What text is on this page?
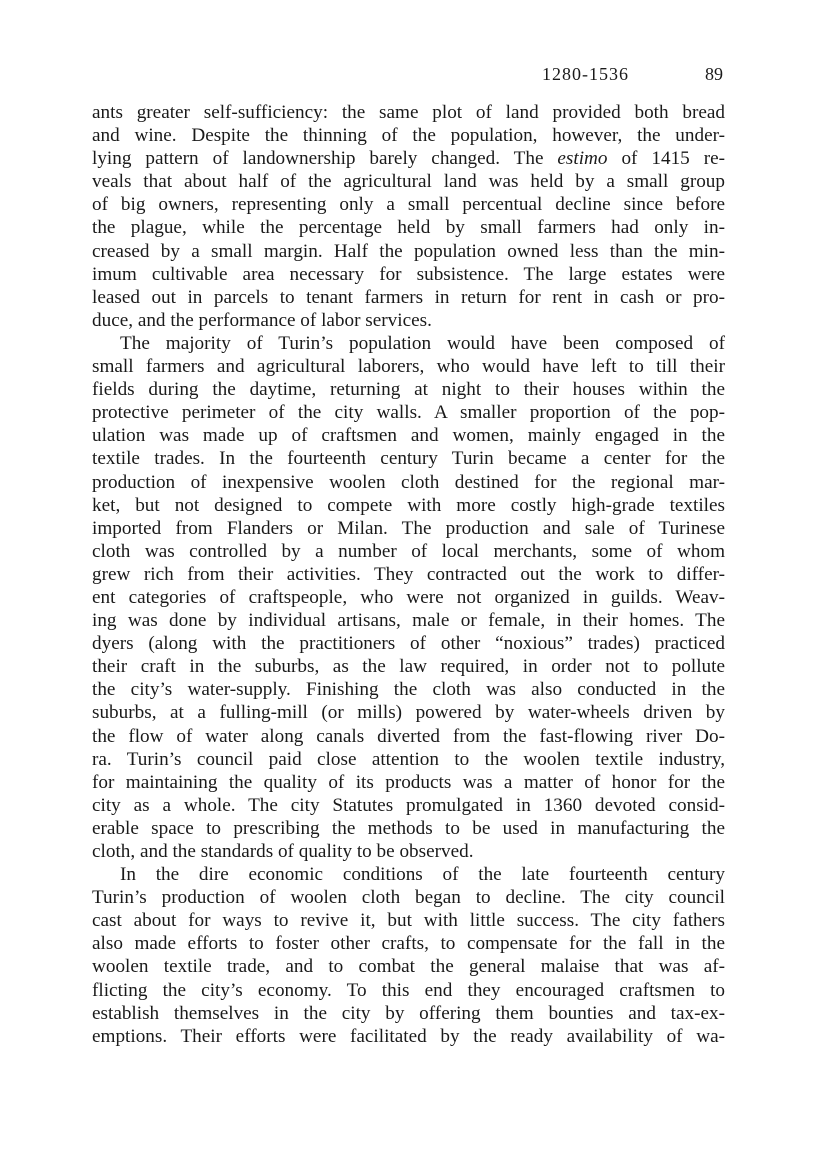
1280-1536	89
ants greater self-sufficiency: the same plot of land provided both bread
and wine. Despite the thinning of the population, however, the under-
lying pattern of landownership barely changed. The estimo of 1415 re-
veals that about half of the agricultural land was held by a small group
of big owners, representing only a small percentual decline since before
the plague, while the percentage held by small farmers had only in-
creased by a small margin. Half the population owned less than the min-
imum cultivable area necessary for subsistence. The large estates were
leased out in parcels to tenant farmers in return for rent in cash or pro-
duce, and the performance of labor services.
The majority of Turin’s population would have been composed of
small farmers and agricultural laborers, who would have left to till their
fields during the daytime, returning at night to their houses within the
protective perimeter of the city walls. A smaller proportion of the pop-
ulation was made up of craftsmen and women, mainly engaged in the
textile trades. In the fourteenth century Turin became a center for the
production of inexpensive woolen cloth destined for the regional mar-
ket, but not designed to compete with more costly high-grade textiles
imported from Flanders or Milan. The production and sale of Turinese
cloth was controlled by a number of local merchants, some of whom
grew rich from their activities. They contracted out the work to differ-
ent categories of craftspeople, who were not organized in guilds. Weav-
ing was done by individual artisans, male or female, in their homes. The
dyers (along with the practitioners of other “noxious” trades) practiced
their craft in the suburbs, as the law required, in order not to pollute
the city’s water-supply. Finishing the cloth was also conducted in the
suburbs, at a fulling-mill (or mills) powered by water-wheels driven by
the flow of water along canals diverted from the fast-flowing river Do-
ra. Turin’s council paid close attention to the woolen textile industry,
for maintaining the quality of its products was a matter of honor for the
city as a whole. The city Statutes promulgated in 1360 devoted consid-
erable space to prescribing the methods to be used in manufacturing the
cloth, and the standards of quality to be observed.
In the dire economic conditions of the late fourteenth century
Turin’s production of woolen cloth began to decline. The city council
cast about for ways to revive it, but with little success. The city fathers
also made efforts to foster other crafts, to compensate for the fall in the
woolen textile trade, and to combat the general malaise that was af-
flicting the city’s economy. To this end they encouraged craftsmen to
establish themselves in the city by offering them bounties and tax-ex-
emptions. Their efforts were facilitated by the ready availability of wa-
